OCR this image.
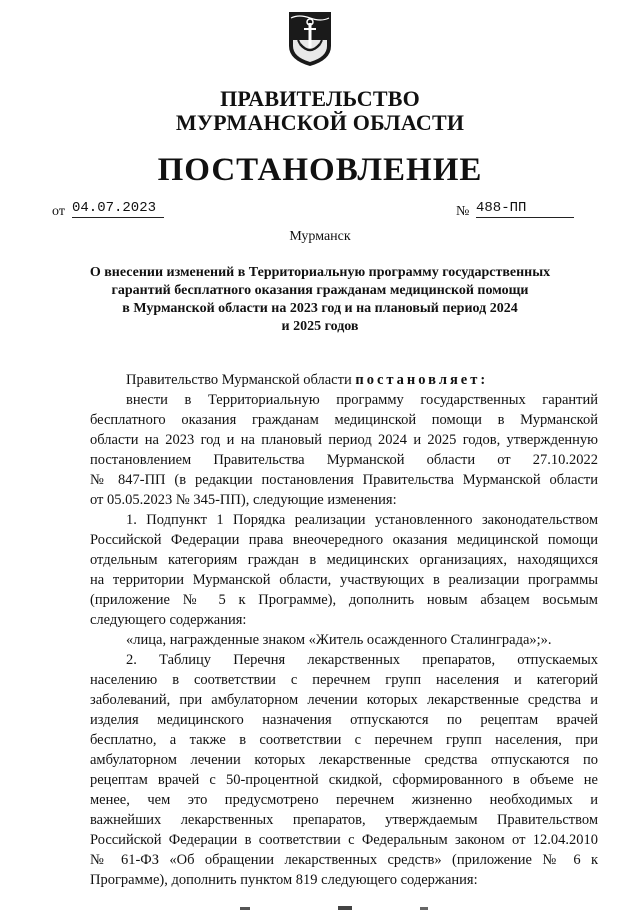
ПРАВИТЕЛЬСТВО
МУРМАНСКОЙ ОБЛАСТИ
ПОСТАНОВЛЕНИЕ
от 04.07.2023	№ 488-ПП
Мурманск
О внесении изменений в Территориальную программу государственных
гарантий бесплатного оказания гражданам медицинской помощи
в Мурманской области на 2023 год и на плановый период 2024
и 2025 годов
Правительство Мурманской области постановляет:
внести в Территориальную программу государственных гарантий
бесплатного оказания гражданам медицинской помощи в Мурманской
области на 2023 год и на плановый период 2024 и 2025 годов, утвержденную
постановлением Правительства Мурманской области от 27.10.2022
№ 847-ПП (в редакции постановления Правительства Мурманской области
от 05.05.2023 № 345-ПП), следующие изменения:
1. Подпункт 1 Порядка реализации установленного законодательством
Российской Федерации права внеочередного оказания медицинской помощи
отдельным категориям граждан в медицинских организациях, находящихся
на территории Мурманской области, участвующих в реализации программы
(приложение № 5 к Программе), дополнить новым абзацем восьмым
следующего содержания:
«лица, награжденные знаком «Житель осажденного Сталинграда»;».
2. Таблицу Перечня лекарственных препаратов, отпускаемых
населению в соответствии с перечнем групп населения и категорий
заболеваний, при амбулаторном лечении которых лекарственные средства и
изделия медицинского назначения отпускаются по рецептам врачей
бесплатно, а также в соответствии с перечнем групп населения, при
амбулаторном лечении которых лекарственные средства отпускаются по
рецептам врачей с 50-процентной скидкой, сформированного в объеме не
менее, чем это предусмотрено перечнем жизненно необходимых и
важнейших лекарственных препаратов, утверждаемым Правительством
Российской Федерации в соответствии с Федеральным законом от 12.04.2010
№ 61-ФЗ «Об обращении лекарственных средств» (приложение № 6 к
Программе), дополнить пунктом 819 следующего содержания:
